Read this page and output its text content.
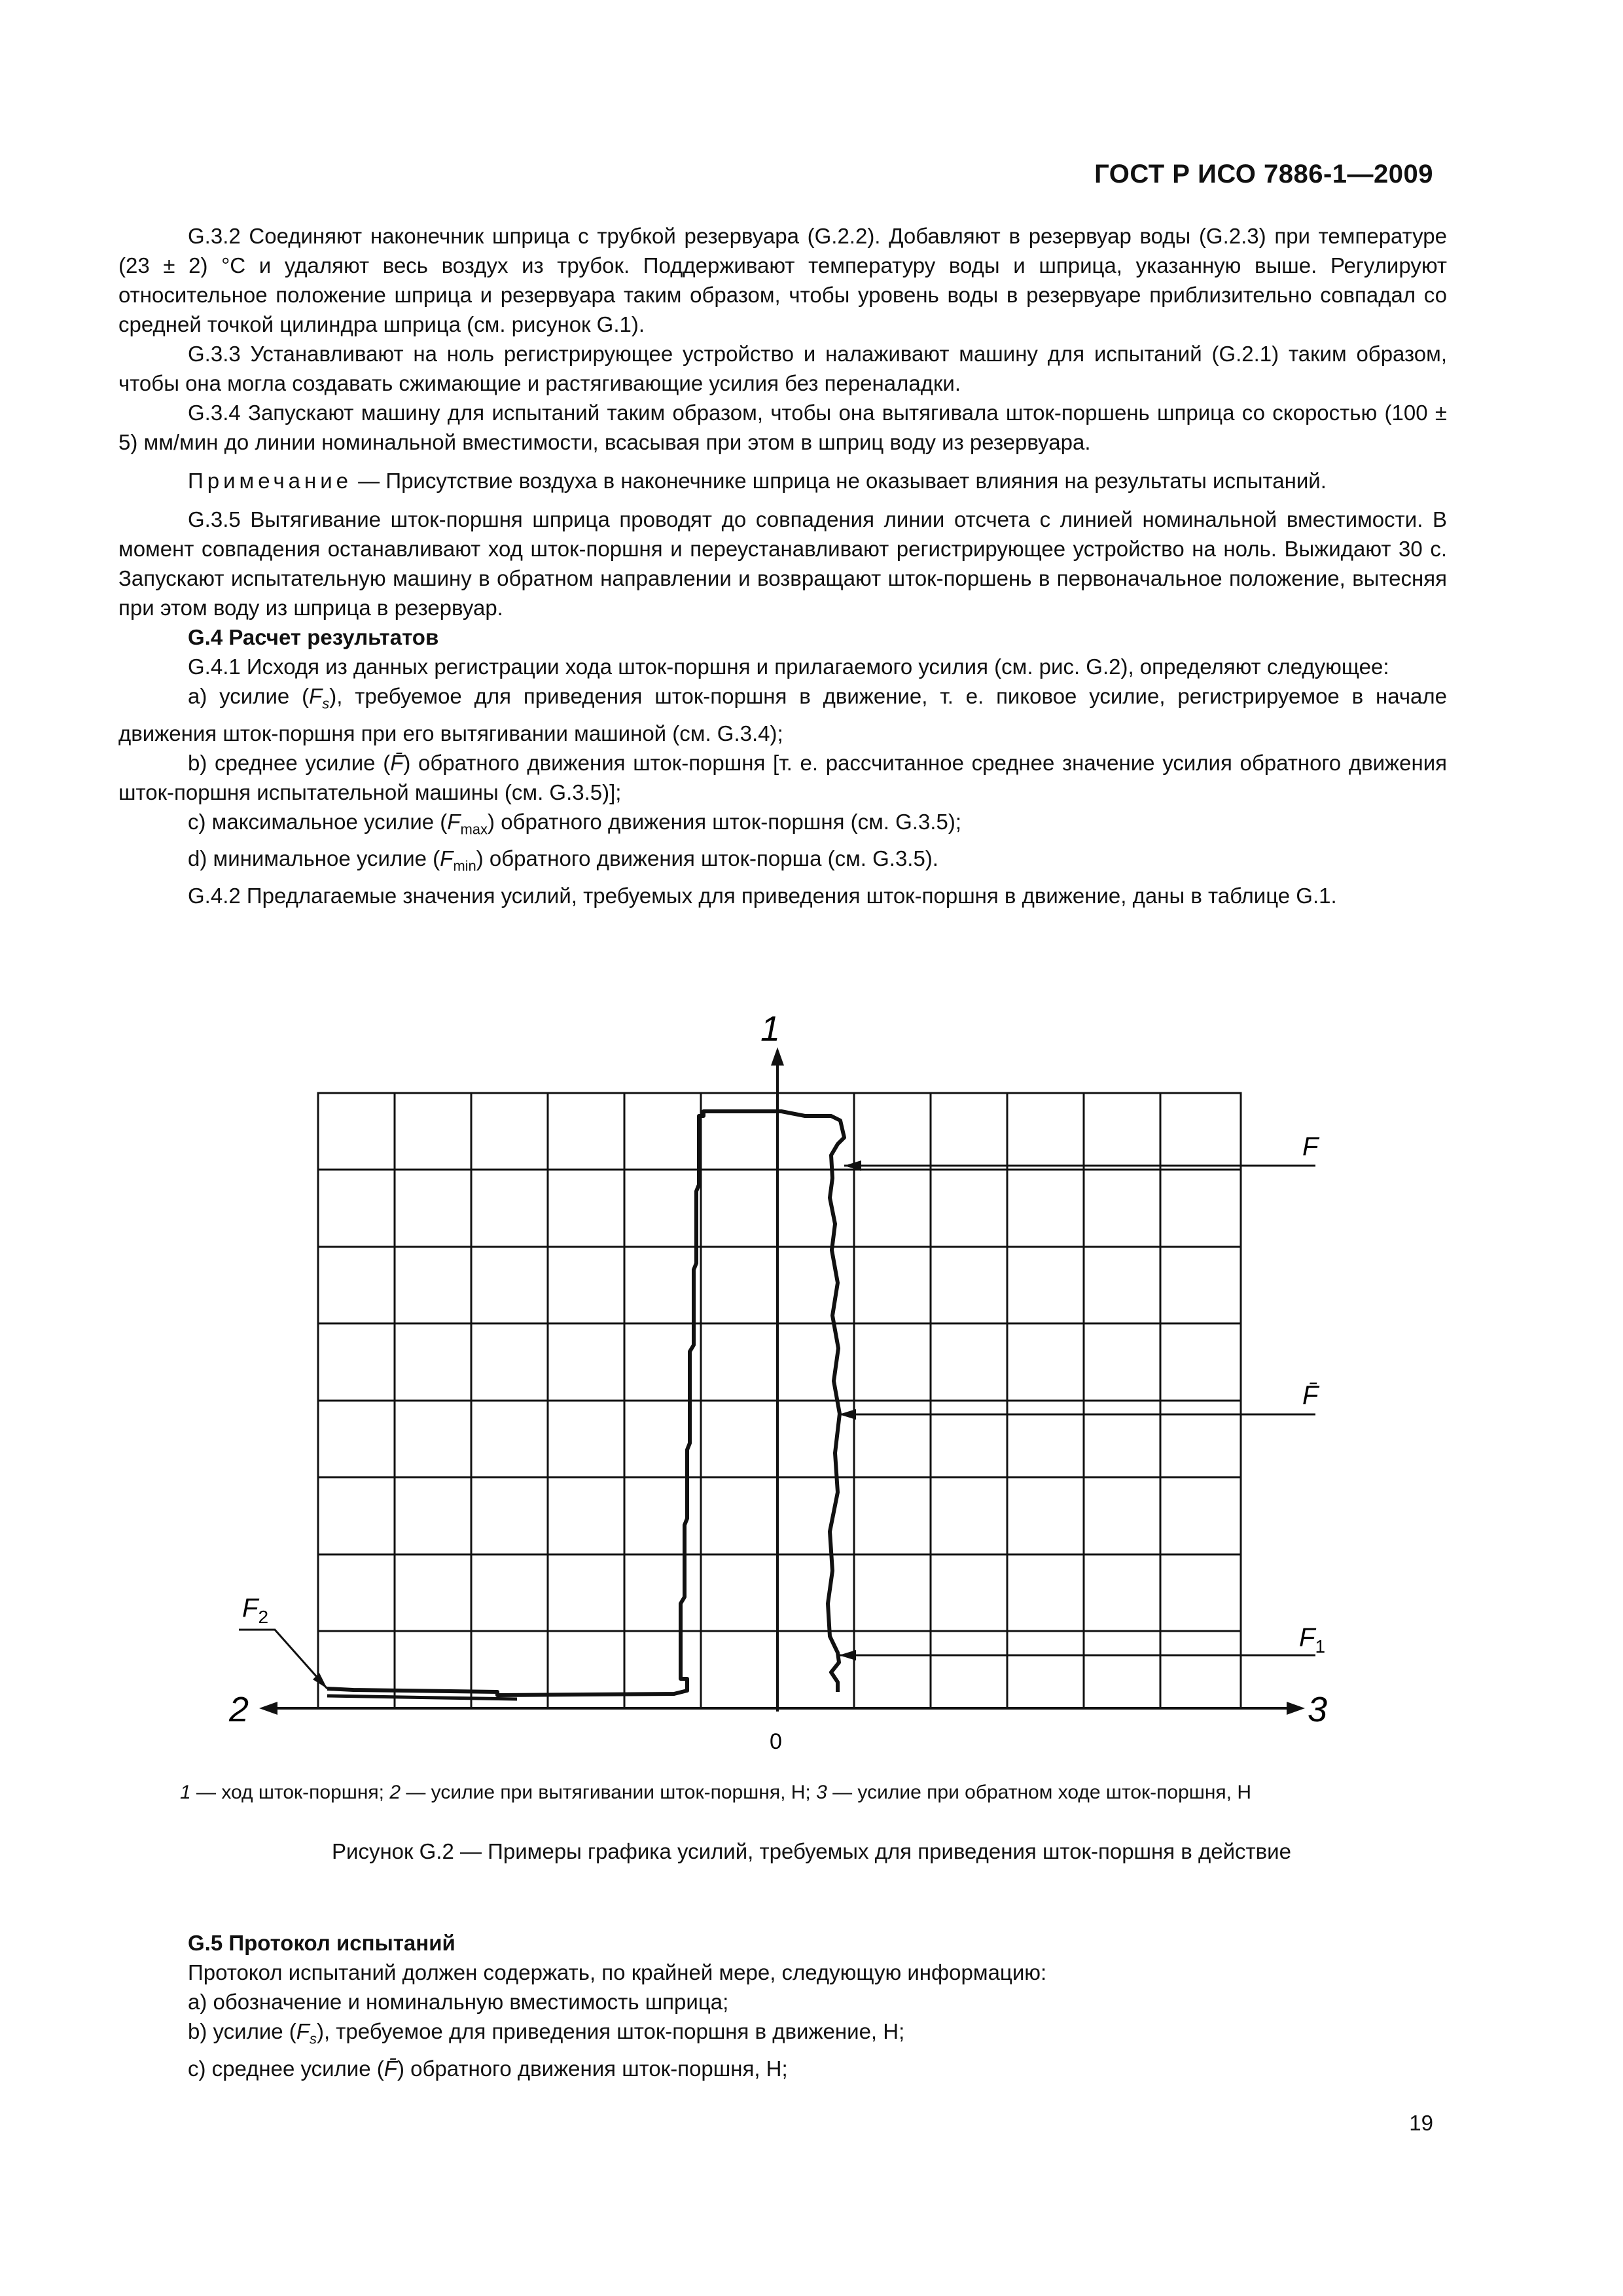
ГОСТ Р ИСО 7886-1—2009

G.3.2 Соединяют наконечник шприца с трубкой резервуара (G.2.2). Добавляют в резервуар воды (G.2.3) при температуре (23 ± 2) °С и удаляют весь воздух из трубок. Поддерживают температуру воды и шприца, указанную выше. Регулируют относительное положение шприца и резервуара таким образом, чтобы уровень воды в резервуаре приблизительно совпадал со средней точкой цилиндра шприца (см. рисунок G.1).

G.3.3 Устанавливают на ноль регистрирующее устройство и налаживают машину для испытаний (G.2.1) таким образом, чтобы она могла создавать сжимающие и растягивающие усилия без переналадки.

G.3.4 Запускают машину для испытаний таким образом, чтобы она вытягивала шток-поршень шприца со скоростью (100 ± 5) мм/мин до линии номинальной вместимости, всасывая при этом в шприц воду из резервуара.

Примечание — Присутствие воздуха в наконечнике шприца не оказывает влияния на результаты испытаний.

G.3.5 Вытягивание шток-поршня шприца проводят до совпадения линии отсчета с линией номинальной вместимости. В момент совпадения останавливают ход шток-поршня и переустанавливают регистрирующее устройство на ноль. Выжидают 30 с. Запускают испытательную машину в обратном направлении и возвращают шток-поршень в первоначальное положение, вытесняя при этом воду из шприца в резервуар.

G.4 Расчет результатов

G.4.1 Исходя из данных регистрации хода шток-поршня и прилагаемого усилия (см. рис. G.2), определяют следующее:

а) усилие $(F_s)$, требуемое для приведения шток-поршня в движение, т. е. пиковое усилие, регистрируемое в начале движения шток-поршня при его вытягивании машиной (см. G.3.4);

b) среднее усилие (F̄) обратного движения шток-поршня [т. е. рассчитанное среднее значение усилия обратного движения шток-поршня испытательной машины (см. G.3.5)];

с) максимальное усилие $(F_{max})$ обратного движения шток-поршня (см. G.3.5);

d) минимальное усилие $(F_{min})$ обратного движения шток-порша (см. G.3.5).

G.4.2 Предлагаемые значения усилий, требуемых для приведения шток-поршня в движение, даны в таблице G.1.

1
2	3
0
F
F̄
$F_1$
$F_2$
1 — ход шток-поршня; 2 — усилие при вытягивании шток-поршня, Н; 3 — усилие при обратном ходе шток-поршня, Н
Рисунок G.2 — Примеры графика усилий, требуемых для приведения шток-поршня в действие
G.5 Протокол испытаний

Протокол испытаний должен содержать, по крайней мере, следующую информацию:

а) обозначение и номинальную вместимость шприца;

b) усилие $(F_s)$, требуемое для приведения шток-поршня в движение, Н;

с) среднее усилие (F̄) обратного движения шток-поршня, Н;

19
